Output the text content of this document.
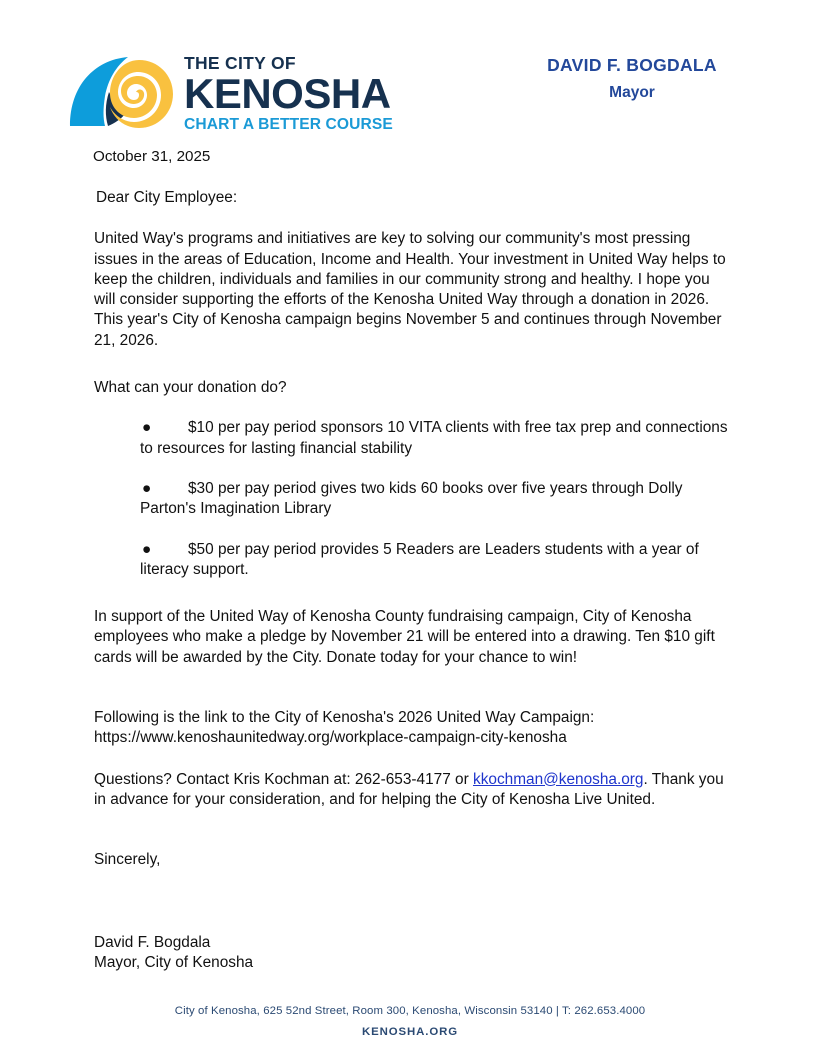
THE CITY OF
KENOSHA
CHART A BETTER COURSE
DAVID F. BOGDALA
Mayor
October 31, 2025

Dear City Employee:

United Way's programs and initiatives are key to solving our community's most pressing issues in the areas of Education, Income and Health. Your investment in United Way helps to keep the children, individuals and families in our community strong and healthy. I hope you will consider supporting the efforts of the Kenosha United Way through a donation in 2026. This year's City of Kenosha campaign begins November 5 and continues through November 21, 2026.

What can your donation do?

●	$10 per pay period sponsors 10 VITA clients with free tax prep and connections to resources for lasting financial stability
●	$30 per pay period gives two kids 60 books over five years through Dolly Parton's Imagination Library
●	$50 per pay period provides 5 Readers are Leaders students with a year of literacy support.

In support of the United Way of Kenosha County fundraising campaign, City of Kenosha employees who make a pledge by November 21 will be entered into a drawing. Ten $10 gift cards will be awarded by the City. Donate today for your chance to win!

Following is the link to the City of Kenosha's 2026 United Way Campaign:

https://www.kenoshaunitedway.org/workplace-campaign-city-kenosha

Questions? Contact Kris Kochman at: 262-653-4177 or kkochman@kenosha.org. Thank you in advance for your consideration, and for helping the City of Kenosha Live United.

Sincerely,

David F. Bogdala

Mayor, City of Kenosha

City of Kenosha, 625 52nd Street, Room 300, Kenosha, Wisconsin 53140 | T: 262.653.4000
KENOSHA.ORG
